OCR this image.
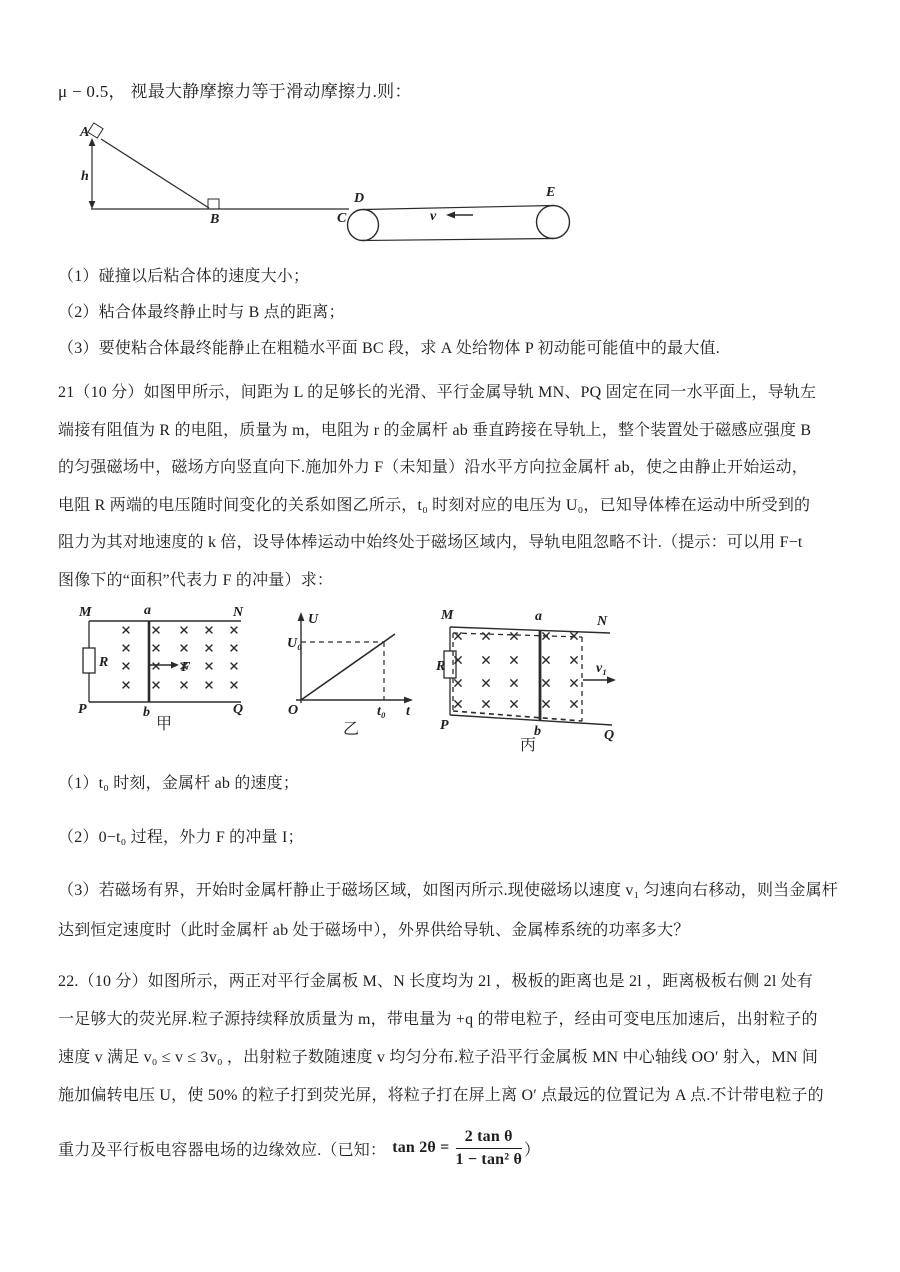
μ − 0.5， 视最大静摩擦力等于滑动摩擦力.则：
A
h
B
D
C
E
v
（1）碰撞以后粘合体的速度大小；
（2）粘合体最终静止时与 B 点的距离；
（3）要使粘合体最终能静止在粗糙水平面 BC 段，求 A 处给物体 P 初动能可能值中的最大值.
21（10 分）如图甲所示，间距为 L 的足够长的光滑、平行金属导轨 MN、PQ 固定在同一水平面上，导轨左
端接有阻值为 R 的电阻，质量为 m，电阻为 r 的金属杆 ab 垂直跨接在导轨上，整个装置处于磁感应强度 B
的匀强磁场中，磁场方向竖直向下.施加外力 F（未知量）沿水平方向拉金属杆 ab，使之由静止开始运动，
电阻 R 两端的电压随时间变化的关系如图乙所示，t₀ 时刻对应的电压为 U₀，已知导体棒在运动中所受到的
阻力为其对地速度的 k 倍，设导体棒运动中始终处于磁场区域内，导轨电阻忽略不计.（提示：可以用 F−t
图像下的“面积”代表力 F 的冲量）求：
M	N
P	Q
R
a
b
F
甲
U
U₀
O	t₀ t
乙
M	N
P
Q
R
a
b
v₁
丙
（1）t₀ 时刻，金属杆 ab 的速度；
（2）0−t₀ 过程，外力 F 的冲量 I；
（3）若磁场有界，开始时金属杆静止于磁场区域，如图丙所示.现使磁场以速度 v₁ 匀速向右移动，则当金属杆达到恒定速度时（此时金属杆 ab 处于磁场中），外界供给导轨、金属棒系统的功率多大？
22.（10 分）如图所示，两正对平行金属板 M、N 长度均为 2l ，极板的距离也是 2l ，距离极板右侧 2l 处有
一足够大的荧光屏.粒子源持续释放质量为 m，带电量为 +q 的带电粒子，经由可变电压加速后，出射粒子的
速度 v 满足 v₀ ≤ v ≤ 3v₀ ，出射粒子数随速度 v 均匀分布.粒子沿平行金属板 MN 中心轴线 OO′ 射入，MN 间
施加偏转电压 U，使 50% 的粒子打到荧光屏，将粒子打在屏上离 O′ 点最远的位置记为 A 点.不计带电粒子的
重力及平行板电容器电场的边缘效应.（已知： $\tan 2\theta = \frac{\text{2 tan θ}}{\text{1 − tan² θ}}$ ）
